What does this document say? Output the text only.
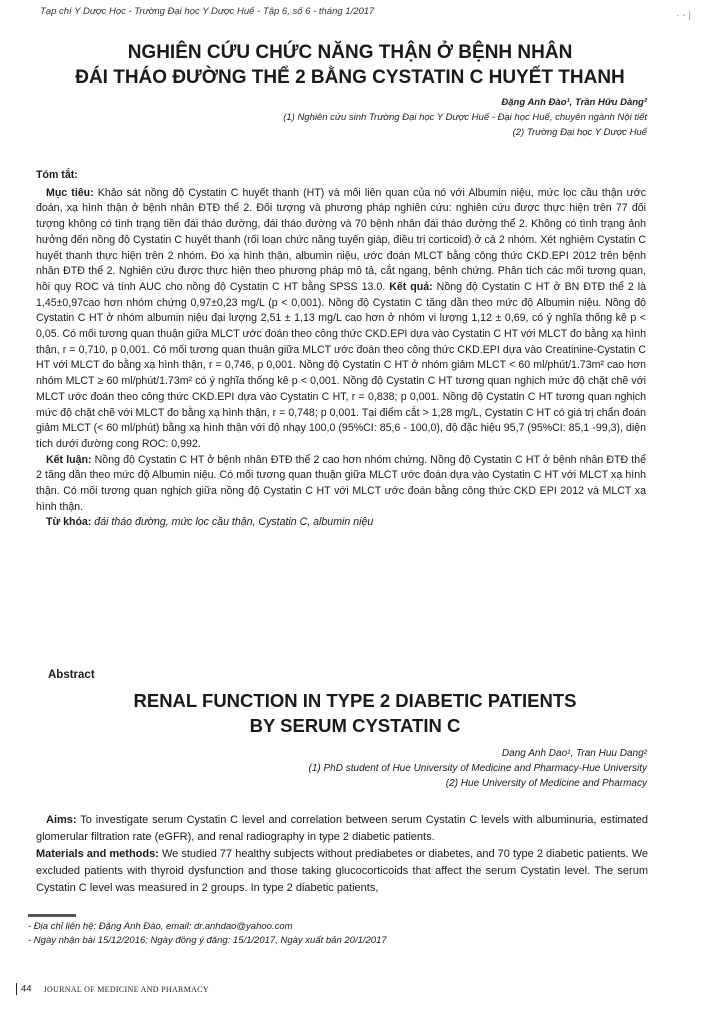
Tạp chí Y Dược Học - Trường Đại học Y Dược Huế - Tập 6, số 6 - tháng 1/2017	· ‑ |
NGHIÊN CỨU CHỨC NĂNG THẬN Ở BỆNH NHÂN
ĐÁI THÁO ĐƯỜNG THỂ 2 BẰNG CYSTATIN C HUYẾT THANH
Đặng Anh Đào¹, Trần Hữu Dàng²
(1) Nghiên cứu sinh Trường Đại học Y Dược Huế - Đại học Huế, chuyên ngành Nội tiết
(2) Trường Đại học Y Dược Huế
Tóm tắt:

Mục tiêu: Khảo sát nồng độ Cystatin C huyết thanh (HT) và mối liên quan của nó với Albumin niệu, mức lọc cầu thận ước đoán, xạ hình thận ở bệnh nhân ĐTĐ thể 2. Đối tượng và phương pháp nghiên cứu: nghiên cứu được thực hiện trên 77 đối tượng không có tình trạng tiền đái tháo đường, đái tháo đường và 70 bệnh nhân đái tháo đường thể 2. Không có tình trạng ảnh hưởng đến nồng độ Cystatin C huyết thanh (rối loạn chức năng tuyến giáp, điều trị corticoid) ở cả 2 nhóm. Xét nghiệm Cystatin C huyết thanh thực hiện trên 2 nhóm. Đo xạ hình thận, albumin niệu, ước đoán MLCT bằng công thức CKD.EPI 2012 trên bệnh nhân ĐTĐ thể 2. Nghiên cứu được thực hiện theo phương pháp mô tả, cắt ngang, bệnh chứng. Phân tích các mối tương quan, hồi quy ROC và tính AUC cho nồng độ Cystatin C HT bằng SPSS 13.0. Kết quả: Nồng độ Cystatin C HT ở BN ĐTĐ thể 2 là 1,45±0,97cao hơn nhóm chứng 0,97±0,23 mg/L (p < 0,001). Nồng độ Cystatin C tăng dần theo mức độ Albumin niệu. Nồng độ Cystatin C HT ở nhóm albumin niệu đại lượng 2,51 ± 1,13 mg/L cao hơn ở nhóm vi lượng 1,12 ± 0,69, có ý nghĩa thống kê p < 0,05. Có mối tương quan thuận giữa MLCT ước đoán theo công thức CKD.EPI dựa vào Cystatin C HT với MLCT đo bằng xạ hình thận, r = 0,710, p 0,001. Có mối tương quan thuận giữa MLCT ước đoán theo công thức CKD.EPI dựa vào Creatinine-Cystatin C HT với MLCT đo bằng xạ hình thận, r = 0,746, p 0,001. Nồng độ Cystatin C HT ở nhóm giảm MLCT < 60 ml/phút/1.73m² cao hơn nhóm MLCT ≥ 60 ml/phút/1.73m² có ý nghĩa thống kê p < 0,001. Nồng độ Cystatin C HT tương quan nghịch mức độ chặt chẽ với MLCT ước đoán theo công thức CKD.EPI dựa vào Cystatin C HT, r = 0,838; p 0,001. Nồng độ Cystatin C HT tương quan nghịch mức độ chặt chẽ với MLCT đo bằng xạ hình thận, r = 0,748; p 0,001. Tại điểm cắt > 1,28 mg/L, Cystatin C HT có giá trị chẩn đoán giảm MLCT (< 60 ml/phút) bằng xạ hình thận với độ nhạy 100,0 (95%CI: 85,6 - 100,0), độ đặc hiệu 95,7 (95%CI: 85,1 -99,3), diện tích dưới đường cong ROC: 0,992.

Kết luận: Nồng độ Cystatin C HT ở bệnh nhân ĐTĐ thể 2 cao hơn nhóm chứng. Nồng độ Cystatin C HT ở bệnh nhân ĐTĐ thể 2 tăng dần theo mức độ Albumin niệu. Có mối tương quan thuận giữa MLCT ước đoán dựa vào Cystatin C HT với MLCT xạ hình thận. Có mối tương quan nghịch giữa nồng độ Cystatin C HT với MLCT ước đoán bằng công thức CKD EPI 2012 và MLCT xạ hình thận.

Từ khóa: đái tháo đường, mức lọc cầu thận, Cystatin C, albumin niệu

Abstract
RENAL FUNCTION IN TYPE 2 DIABETIC PATIENTS
BY SERUM CYSTATIN C
Dang Anh Dao¹, Tran Huu Dang²
(1) PhD student of Hue University of Medicine and Pharmacy-Hue University
(2) Hue University of Medicine and Pharmacy

Aims: To investigate serum Cystatin C level and correlation between serum Cystatin C levels with albuminuria, estimated glomerular filtration rate (eGFR), and renal radiography in type 2 diabetic patients.

Materials and methods: We studied 77 healthy subjects without prediabetes or diabetes, and 70 type 2 diabetic patients. We excluded patients with thyroid dysfunction and those taking glucocorticoids that affect the serum Cystatin level. The serum Cystatin C level was measured in 2 groups. In type 2 diabetic patients,

- Địa chỉ liên hệ: Đặng Anh Đào, email: dr.anhdao@yahoo.com
- Ngày nhận bài 15/12/2016; Ngày đồng ý đăng: 15/1/2017, Ngày xuất bản 20/1/2017
44 JOURNAL OF MEDICINE AND PHARMACY
